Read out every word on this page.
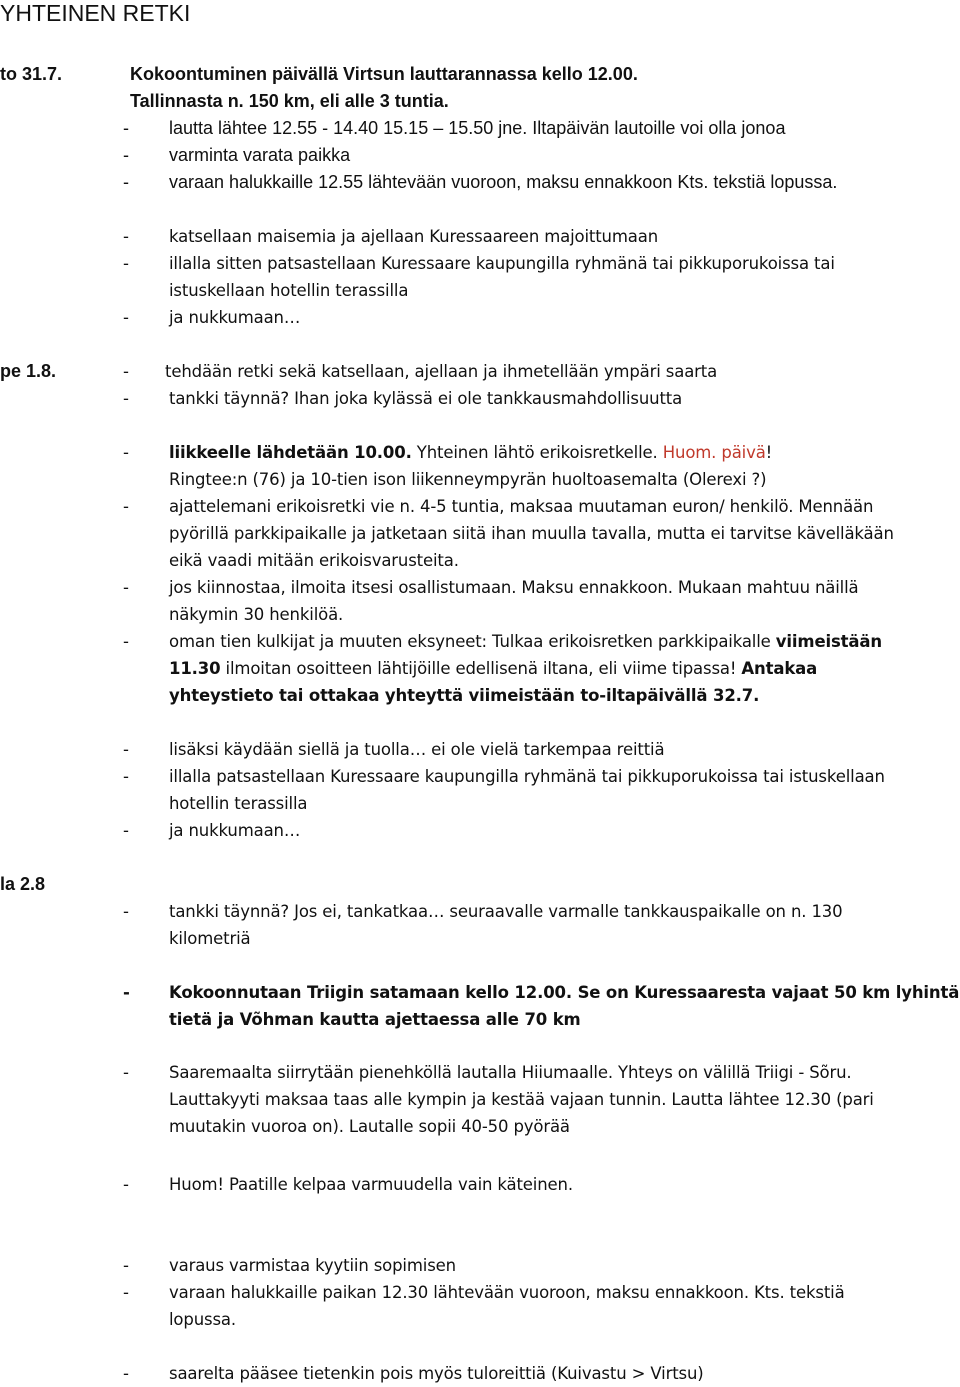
YHTEINEN RETKI
to 31.7.	Kokoontuminen päivällä Virtsun lauttarannassa kello 12.00.
Tallinnasta n. 150 km, eli alle 3 tuntia.
- lautta lähtee 12.55 - 14.40 15.15 – 15.50 jne. Iltapäivän lautoille voi olla jonoa
- varminta varata paikka
- varaan halukkaille 12.55 lähtevään vuoroon, maksu ennakkoon Kts. tekstiä lopussa.
- katsellaan maisemia ja ajellaan Kuressaareen majoittumaan
- illalla sitten patsastellaan Kuressaare kaupungilla ryhmänä tai pikkuporukoissa tai
istuskellaan hotellin terassilla
- ja nukkumaan…
pe 1.8.	- tehdään retki sekä katsellaan, ajellaan ja ihmetellään ympäri saarta
- tankki täynnä? Ihan joka kylässä ei ole tankkausmahdollisuutta
- liikkeelle lähdetään 10.00. Yhteinen lähtö erikoisretkelle. Huom. päivä!
Ringtee:n (76) ja 10-tien ison liikenneympyrän huoltoasemalta (Olerexi ?)
- ajattelemani erikoisretki vie n. 4-5 tuntia, maksaa muutaman euron/ henkilö. Mennään
pyörillä parkkipaikalle ja jatketaan siitä ihan muulla tavalla, mutta ei tarvitse kävelläkään
eikä vaadi mitään erikoisvarusteita.
- jos kiinnostaa, ilmoita itsesi osallistumaan. Maksu ennakkoon. Mukaan mahtuu näillä
näkymin 30 henkilöä.
- oman tien kulkijat ja muuten eksyneet: Tulkaa erikoisretken parkkipaikalle viimeistään
11.30 ilmoitan osoitteen lähtijöille edellisenä iltana, eli viime tipassa! Antakaa
yhteystieto tai ottakaa yhteyttä viimeistään to-iltapäivällä 32.7.
- lisäksi käydään siellä ja tuolla… ei ole vielä tarkempaa reittiä
- illalla patsastellaan Kuressaare kaupungilla ryhmänä tai pikkuporukoissa tai istuskellaan
hotellin terassilla
- ja nukkumaan…
la 2.8
- tankki täynnä? Jos ei, tankatkaa… seuraavalle varmalle tankkauspaikalle on n. 130
kilometriä
- Kokoonnutaan Triigin satamaan kello 12.00. Se on Kuressaaresta vajaat 50 km lyhintä
tietä ja Võhman kautta ajettaessa alle 70 km
- Saaremaalta siirrytään pienehköllä lautalla Hiiumaalle. Yhteys on välillä Triigi - Sõru.
Lauttakyyti maksaa taas alle kympin ja kestää vajaan tunnin. Lautta lähtee 12.30 (pari
muutakin vuoroa on). Lautalle sopii 40-50 pyörää
- Huom! Paatille kelpaa varmuudella vain käteinen.
- varaus varmistaa kyytiin sopimisen
- varaan halukkaille paikan 12.30 lähtevään vuoroon, maksu ennakkoon. Kts. tekstiä
lopussa.
- saarelta pääsee tietenkin pois myös tuloreittiä (Kuivastu > Virtsu)
